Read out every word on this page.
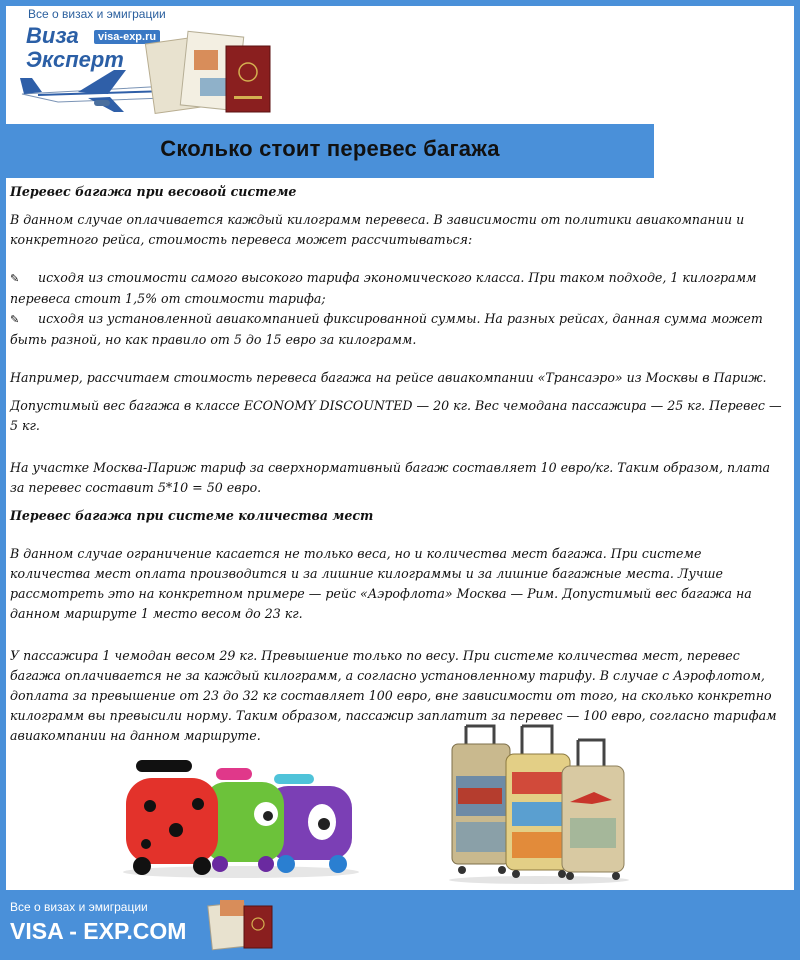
Все о визах и эмиграции
Виза
Эксперт
visa-exp.ru
Сколько стоит перевес багажа

Перевес багажа при весовой системе

В данном случае оплачивается каждый килограмм перевеса. В зависимости от политики авиакомпании и конкретного рейса, стоимость перевеса может рассчитываться:

✎ исходя из стоимости самого высокого тарифа экономического класса. При таком подходе, 1 килограмм перевеса стоит 1,5% от стоимости тарифа;

✎ исходя из установленной авиакомпанией фиксированной суммы. На разных рейсах, данная сумма может быть разной, но как правило от 5 до 15 евро за килограмм.

Например, рассчитаем стоимость перевеса багажа на рейсе авиакомпании «Трансаэро» из Москвы в Париж.

Допустимый вес багажа в классе ECONOMY DISCOUNTED — 20 кг. Вес чемодана пассажира — 25 кг. Перевес — 5 кг.

На участке Москва-Париж тариф за сверхнормативный багаж составляет 10 евро/кг. Таким образом, плата за перевес составит 5*10 = 50 евро.

Перевес багажа при системе количества мест

В данном случае ограничение касается не только веса, но и количества мест багажа. При системе количества мест оплата производится и за лишние килограммы и за лишние багажные места. Лучше рассмотреть это на конкретном примере — рейс «Аэрофлота» Москва — Рим. Допустимый вес багажа на данном маршруте 1 место весом до 23 кг.

У пассажира 1 чемодан весом 29 кг. Превышение только по весу. При системе количества мест, перевес багажа оплачивается не за каждый килограмм, а согласно установленному тарифу. В случае с Аэрофлотом, доплата за превышение от 23 до 32 кг составляет 100 евро, вне зависимости от того, на сколько конкретно килограмм вы превысили норму. Таким образом, пассажир заплатит за перевес — 100 евро, согласно тарифам авиакомпании на данном маршруте.

Все о визах и эмиграции
VISA - EXP.COM
